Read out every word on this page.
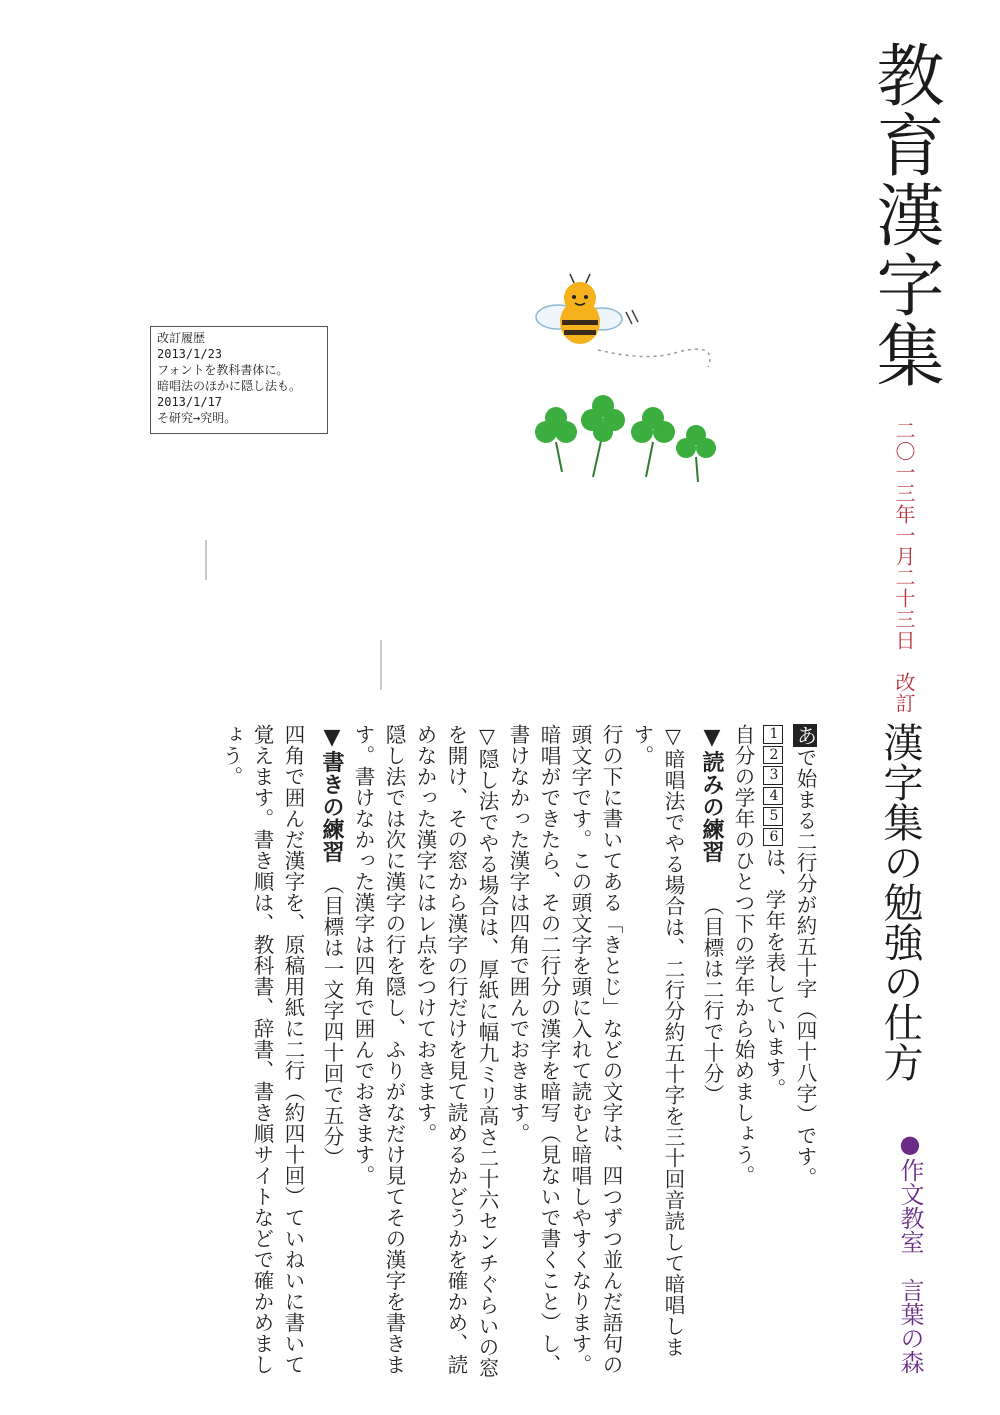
教育漢字集
二〇一三年一月二十三日　改訂
改訂履歴
2013/1/23
フォントを教科書体に。
暗唱法のほかに隠し法も。
2013/1/17
そ研究→究明。
漢字集の勉強の仕方
●作文教室　言葉の森
あで始まる二行分が約五十字（四十八字）です。
123456は、学年を表しています。
自分の学年のひとつ下の学年から始めましょう。
▼読みの練習　　（目標は二行で十分）
▽暗唱法でやる場合は、二行分約五十字を三十回音読して暗唱します。
行の下に書いてある「きとじ」などの文字は、四つずつ並んだ語句の頭文字です。この頭文字を頭に入れて読むと暗唱しやすくなります。
暗唱ができたら、その二行分の漢字を暗写（見ないで書くこと）し、書けなかった漢字は四角で囲んでおきます。
▽隠し法でやる場合は、厚紙に幅九ミリ高さ二十六センチぐらいの窓を開け、その窓から漢字の行だけを見て読めるかどうかを確かめ、読めなかった漢字にはレ点をつけておきます。
隠し法では次に漢字の行を隠し、ふりがなだけ見てその漢字を書きます。書けなかった漢字は四角で囲んでおきます。
▼書きの練習　（目標は一文字四十回で五分）
四角で囲んだ漢字を、原稿用紙に二行（約四十回）ていねいに書いて覚えます。書き順は、教科書、辞書、書き順サイトなどで確かめましょう。
